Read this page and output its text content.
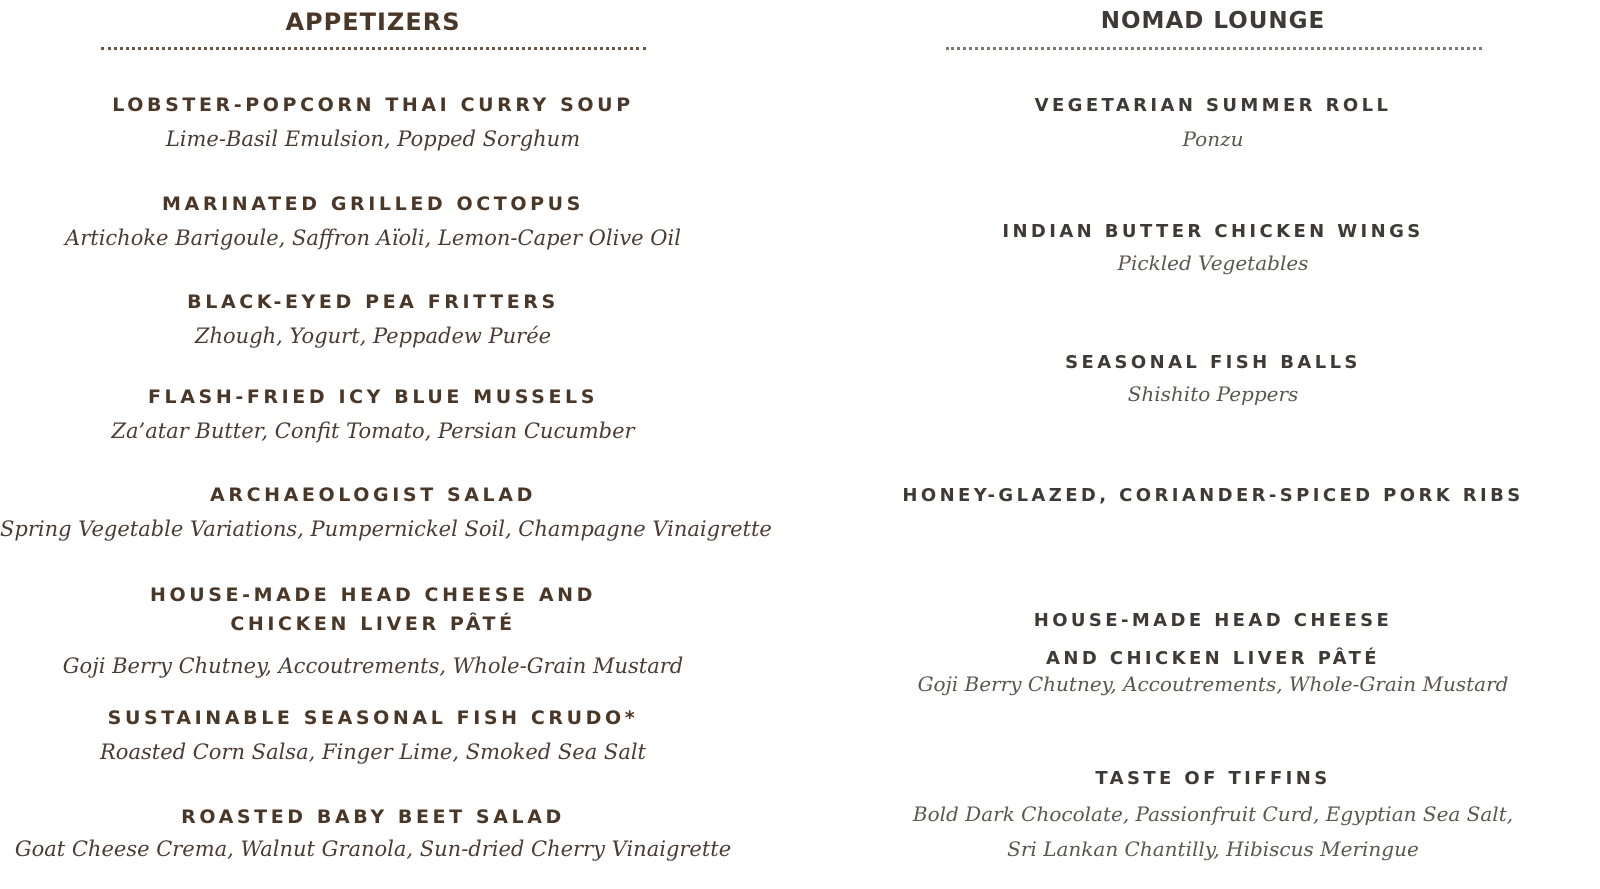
APPETIZERS
LOBSTER-POPCORN THAI CURRY SOUP
Lime-Basil Emulsion, Popped Sorghum
MARINATED GRILLED OCTOPUS
Artichoke Barigoule, Saffron Aïoli, Lemon-Caper Olive Oil
BLACK-EYED PEA FRITTERS
Zhough, Yogurt, Peppadew Purée
FLASH-FRIED ICY BLUE MUSSELS
Za’atar Butter, Confit Tomato, Persian Cucumber
ARCHAEOLOGIST SALAD
Spring Vegetable Variations, Pumpernickel Soil, Champagne Vinaigrette
HOUSE-MADE HEAD CHEESE AND
CHICKEN LIVER PÂTÉ
Goji Berry Chutney, Accoutrements, Whole-Grain Mustard
SUSTAINABLE SEASONAL FISH CRUDO*
Roasted Corn Salsa, Finger Lime, Smoked Sea Salt
ROASTED BABY BEET SALAD
Goat Cheese Crema, Walnut Granola, Sun-dried Cherry Vinaigrette
NOMAD LOUNGE
VEGETARIAN SUMMER ROLL
Ponzu
INDIAN BUTTER CHICKEN WINGS
Pickled Vegetables
SEASONAL FISH BALLS
Shishito Peppers
HONEY-GLAZED, CORIANDER-SPICED PORK RIBS
HOUSE-MADE HEAD CHEESE
AND CHICKEN LIVER PÂTÉ
Goji Berry Chutney, Accoutrements, Whole-Grain Mustard
TASTE OF TIFFINS
Bold Dark Chocolate, Passionfruit Curd, Egyptian Sea Salt,
Sri Lankan Chantilly, Hibiscus Meringue
